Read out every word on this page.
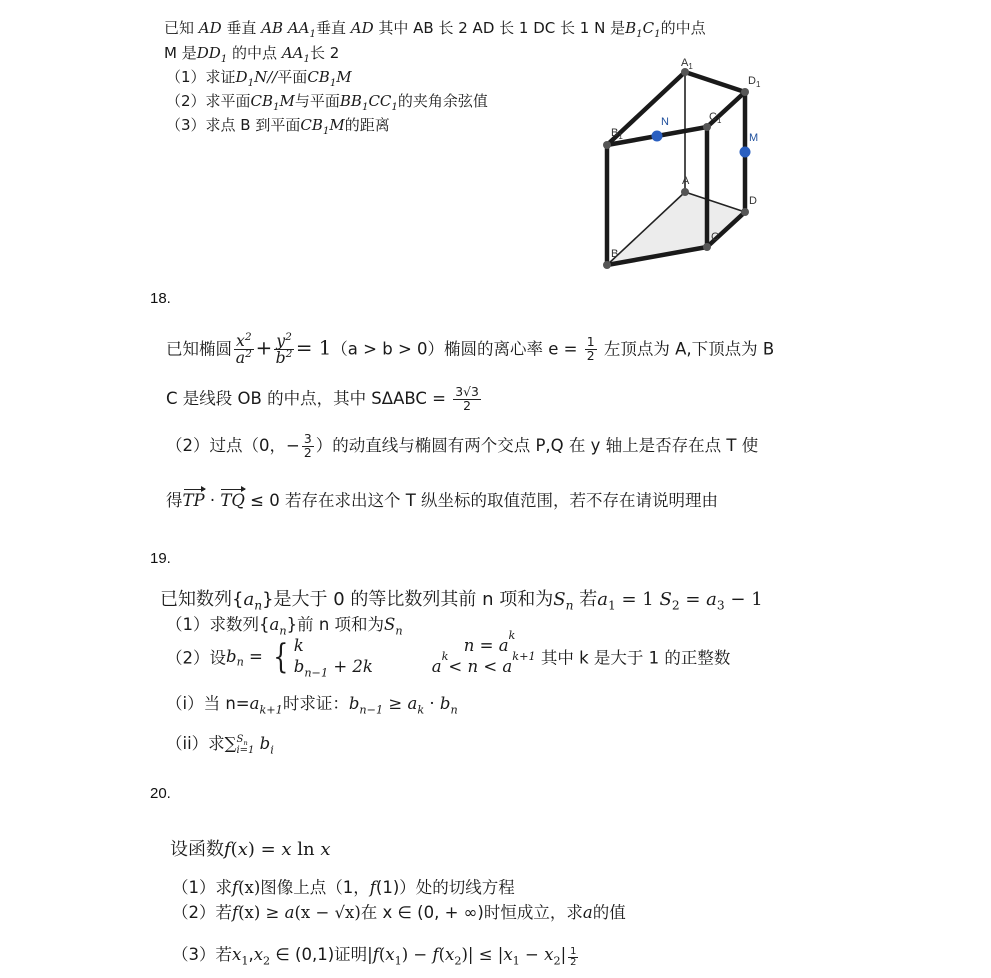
已知 AD 垂直 AB $AA_1$垂直 AD 其中 AB 长 2 AD 长 1 DC 长 1 N 是$B_1C_1$的中点
M 是$DD_1$ 的中点 $AA_1$长 2
（1）求证$D_1N//$平面$CB_1M$
（2）求平面$CB_1M$与平面$BB_1CC_1$的夹角余弦值
（3）求点 B 到平面$CB_1M$的距离
$A_1$
$D_1$
$B_1$
$C_1$
N
M
A
D
B
C
18.
已知椭圆 $\frac{x^2}{a^2} + \frac{y^2}{b^2} = 1(a > b > 0)$椭圆的离心率 $e = \frac{1}{2}$ 左顶点为 A,下顶点为 B
C 是线段 OB 的中点，其中 $S\Delta ABC = \frac{3√3}{2}$
（2）过点（0，− $\frac{3}{2}$ ）的动直线与椭圆有两个交点 P,Q 在 y 轴上是否存在点 T 使
得TP · TQ ≤ 0 若存在求出这个 T 纵坐标的取值范围，若不存在请说明理由
19.
已知数列$\{a_n\}$是大于 0 的等比数列其前 n 项和为$S_n$ 若$a_1 = 1$ $S_2 = a_3 - 1$
（1）求数列$\{a_n\}$前 n 项和为$S_n$
（2）设$b_n$ = { k	n = a
k
$b_{n-1} + 2k$	a
k
< n < a
k+1 其中 k 是大于 1 的正整数
（i）当 $n=a_{k+1}$时求证：$b_{n-1} \ge a_k \cdot b_n$
（ii）求∑ $S_n$
i=1 $b_i$
20.
设函数f(x) = x ln x
（1）求f(x)图像上点（1，f(1)）处的切线方程
（2）若f(x) ≥ a(x − √x)在 x ∈ (0, + ∞)时恒成立，求a的值
（3）若$x_1,x_2$ ∈ (0,1)证明$|f(x_1) - f(x_2)| \le |x_1 - x_2| \frac{1}{2}$
